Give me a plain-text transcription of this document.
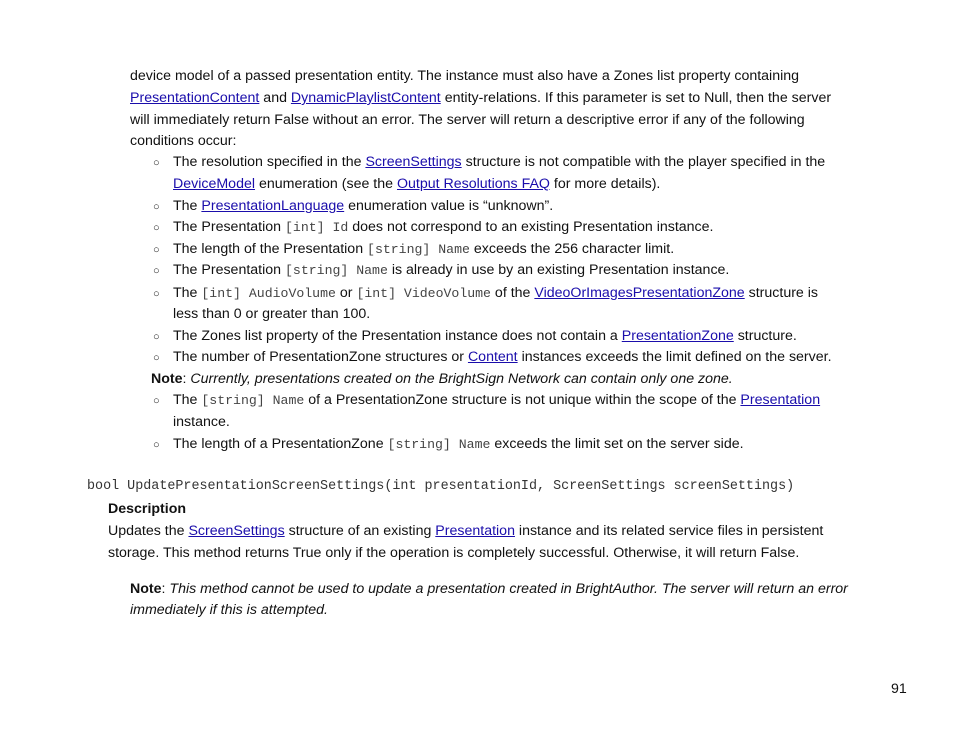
device model of a passed presentation entity. The instance must also have a Zones list property containing
PresentationContent and DynamicPlaylistContent entity-relations. If this parameter is set to Null, then the server
will immediately return False without an error. The server will return a descriptive error if any of the following
conditions occur:
○ The resolution specified in the ScreenSettings structure is not compatible with the player specified in the
DeviceModel enumeration (see the Output Resolutions FAQ for more details).
○ The PresentationLanguage enumeration value is “unknown”.
○ The Presentation [int] Id does not correspond to an existing Presentation instance.
○ The length of the Presentation [string] Name exceeds the 256 character limit.
○ The Presentation [string] Name is already in use by an existing Presentation instance.
○ The [int] AudioVolume or [int] VideoVolume of the VideoOrImagesPresentationZone structure is
less than 0 or greater than 100.
○ The Zones list property of the Presentation instance does not contain a PresentationZone structure.
○ The number of PresentationZone structures or Content instances exceeds the limit defined on the server.
Note: Currently, presentations created on the BrightSign Network can contain only one zone.
○ The [string] Name of a PresentationZone structure is not unique within the scope of the Presentation
instance.
○ The length of a PresentationZone [string] Name exceeds the limit set on the server side.
bool UpdatePresentationScreenSettings(int presentationId, ScreenSettings screenSettings)
Description
Updates the ScreenSettings structure of an existing Presentation instance and its related service files in persistent
storage. This method returns True only if the operation is completely successful. Otherwise, it will return False.
Note: This method cannot be used to update a presentation created in BrightAuthor. The server will return an error
immediately if this is attempted.
91
